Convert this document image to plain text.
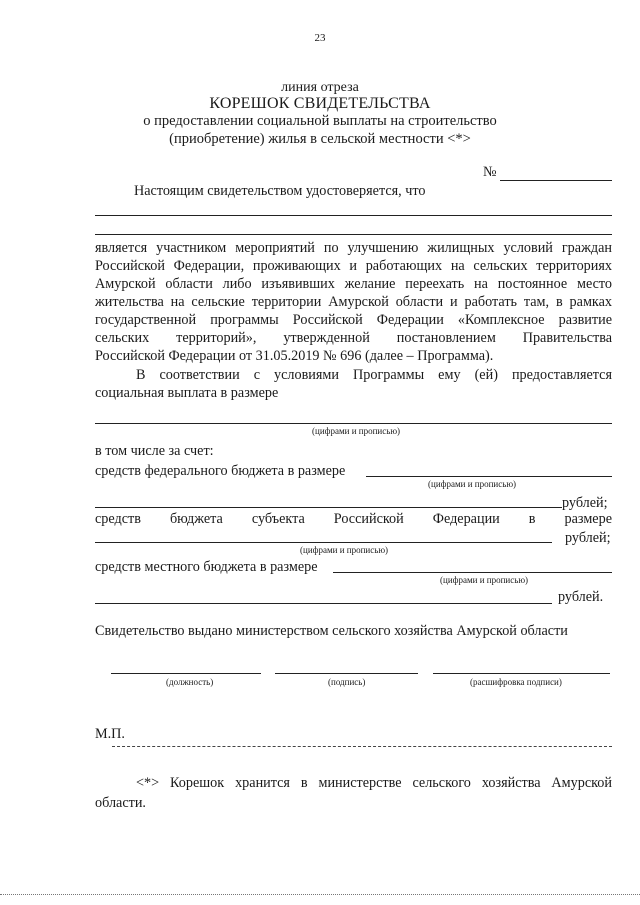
23
линия отреза
КОРЕШОК СВИДЕТЕЛЬСТВА
о предоставлении социальной выплаты на строительство
(приобретение) жилья в сельской местности <*>
№
Настоящим свидетельством удостоверяется, что
является участником мероприятий по улучшению жилищных условий граждан
Российской Федерации, проживающих и работающих на сельских территориях
Амурской области либо изъявивших желание переехать на постоянное место
жительства на сельские территории Амурской области и работать там, в рамках
государственной программы Российской Федерации «Комплексное развитие
сельских территорий», утвержденной постановлением Правительства
Российской Федерации от 31.05.2019 № 696 (далее – Программа).
В соответствии с условиями Программы ему (ей) предоставляется
социальная выплата в размере
(цифрами и прописью)
в том числе за счет:
средств федерального бюджета в размере
(цифрами и прописью)
рублей;
средств бюджета субъекта Российской Федерации в размере
рублей;
(цифрами и прописью)
средств местного бюджета в размере
(цифрами и прописью)
рублей.
Свидетельство выдано министерством сельского хозяйства Амурской области
(должность)	(подпись)	(расшифровка подписи)
М.П.
<*> Корешок хранится в министерстве сельского хозяйства Амурской
области.
